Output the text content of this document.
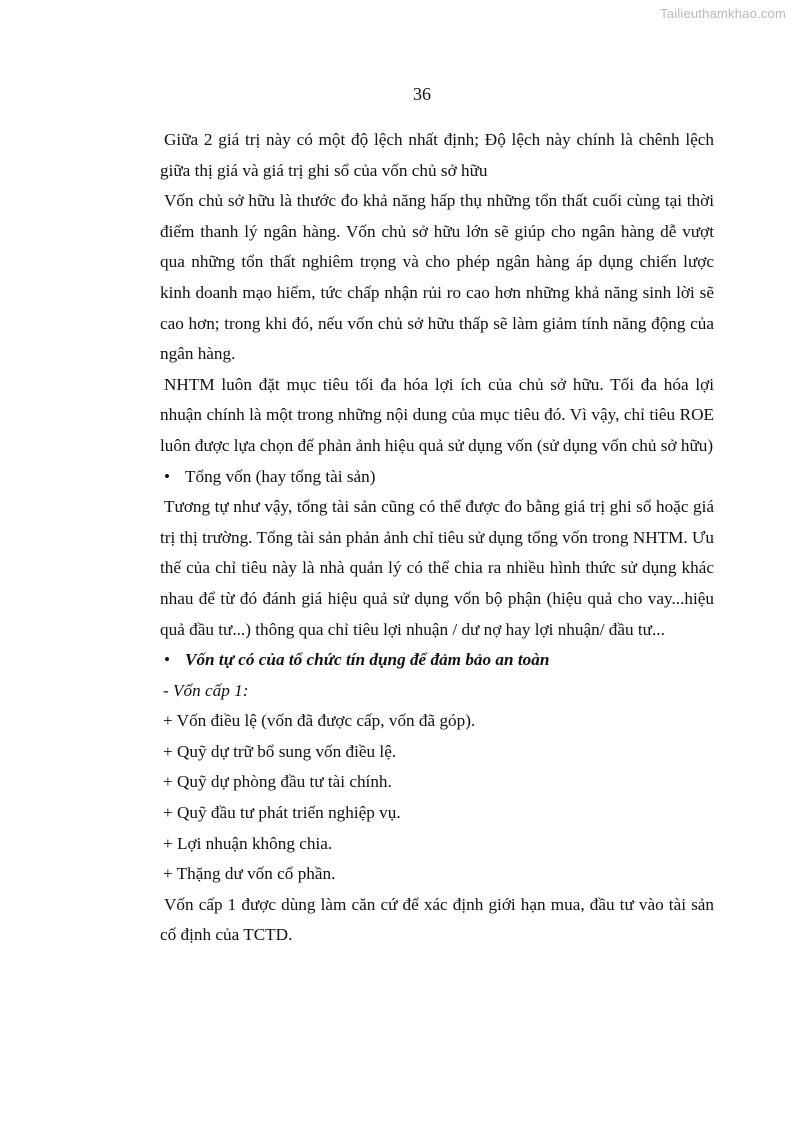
Tailieuthamkhao.com
36

Giữa 2 giá trị này có một độ lệch nhất định; Độ lệch này chính là chênh lệch giữa thị giá và giá trị ghi sổ của vốn chủ sở hữu

Vốn chủ sở hữu là thước đo khả năng hấp thụ những tổn thất cuối cùng tại thời điểm thanh lý ngân hàng. Vốn chủ sở hữu lớn sẽ giúp cho ngân hàng dễ vượt qua những tổn thất nghiêm trọng và cho phép ngân hàng áp dụng chiến lược kinh doanh mạo hiểm, tức chấp nhận rủi ro cao hơn những khả năng sinh lời sẽ cao hơn; trong khi đó, nếu vốn chủ sở hữu thấp sẽ làm giảm tính năng động của ngân hàng.

NHTM luôn đặt mục tiêu tối đa hóa lợi ích của chủ sở hữu. Tối đa hóa lợi nhuận chính là một trong những nội dung của mục tiêu đó. Vì vậy, chỉ tiêu ROE luôn được lựa chọn để phản ảnh hiệu quả sử dụng vốn (sử dụng vốn chủ sở hữu)

• Tổng vốn (hay tổng tài sản)

Tương tự như vậy, tổng tài sản cũng có thể được đo bằng giá trị ghi sổ hoặc giá trị thị trường. Tổng tài sản phản ảnh chỉ tiêu sử dụng tổng vốn trong NHTM. Ưu thế của chỉ tiêu này là nhà quản lý có thể chia ra nhiều hình thức sử dụng khác nhau để từ đó đánh giá hiệu quả sử dụng vốn bộ phận (hiệu quả cho vay...hiệu quả đầu tư...) thông qua chỉ tiêu lợi nhuận / dư nợ hay lợi nhuận/ đầu tư...

• Vốn tự có của tổ chức tín dụng để đảm bảo an toàn

- Vốn cấp 1:

+ Vốn điều lệ (vốn đã được cấp, vốn đã góp).

+ Quỹ dự trữ bổ sung vốn điều lệ.

+ Quỹ dự phòng đầu tư tài chính.

+ Quỹ đầu tư phát triển nghiệp vụ.

+ Lợi nhuận không chia.

+ Thặng dư vốn cổ phần.

Vốn cấp 1 được dùng làm căn cứ để xác định giới hạn mua, đầu tư vào tài sản cố định của TCTD.
